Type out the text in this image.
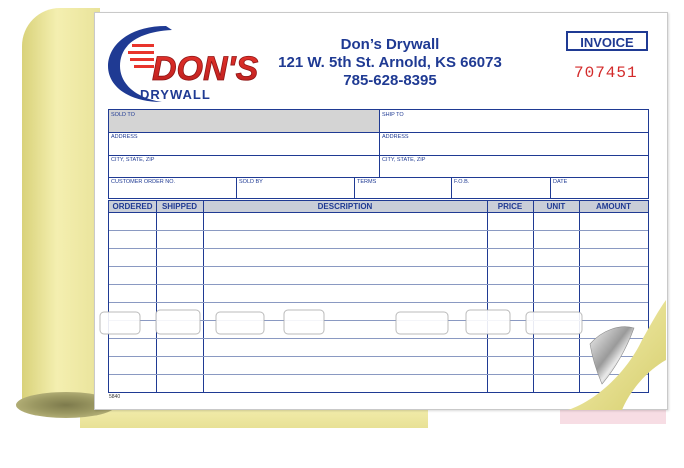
DON'S
DRYWALL
Don’s Drywall
121 W. 5th St. Arnold, KS 66073
785-628-8395
INVOICE
707451
SOLD TO	SHIP TO
ADDRESS	ADDRESS
CITY, STATE, ZIP	CITY, STATE, ZIP
CUSTOMER ORDER NO.	SOLD BY	TERMS	F.O.B.	DATE
ORDERED	SHIPPED	DESCRIPTION	PRICE	UNIT	AMOUNT
5840
